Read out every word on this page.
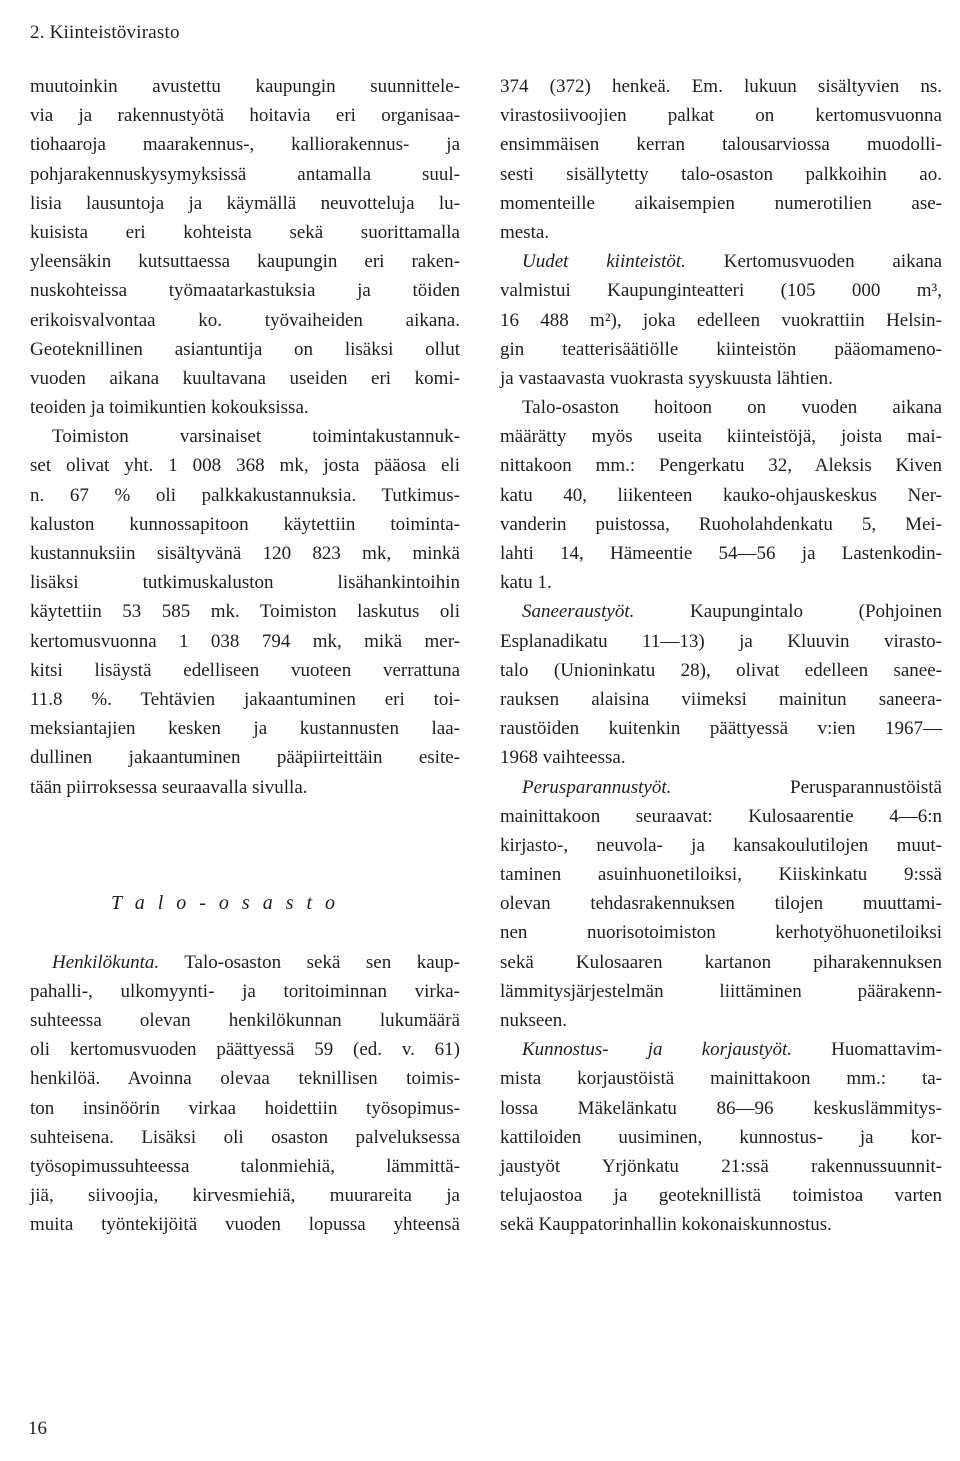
2. Kiinteistövirasto
muutoinkin avustettu kaupungin suunnittele-
via ja rakennustyötä hoitavia eri organisaa-
tiohaaroja maarakennus-, kalliorakennus- ja
pohjarakennuskysymyksissä antamalla suul-
lisia lausuntoja ja käymällä neuvotteluja lu-
kuisista eri kohteista sekä suorittamalla
yleensäkin kutsuttaessa kaupungin eri raken-
nuskohteissa työmaatarkastuksia ja töiden
erikoisvalvontaa ko. työvaiheiden aikana.
Geoteknillinen asiantuntija on lisäksi ollut
vuoden aikana kuultavana useiden eri komi-
teoiden ja toimikuntien kokouksissa.
Toimiston varsinaiset toimintakustannuk-
set olivat yht. 1 008 368 mk, josta pääosa eli
n. 67 % oli palkkakustannuksia. Tutkimus-
kaluston kunnossapitoon käytettiin toiminta-
kustannuksiin sisältyvänä 120 823 mk, minkä
lisäksi tutkimuskaluston lisähankintoihin
käytettiin 53 585 mk. Toimiston laskutus oli
kertomusvuonna 1 038 794 mk, mikä mer-
kitsi lisäystä edelliseen vuoteen verrattuna
11.8 %. Tehtävien jakaantuminen eri toi-
meksiantajien kesken ja kustannusten laa-
dullinen jakaantuminen pääpiirteittäin esite-
tään piirroksessa seuraavalla sivulla.
T a l o - o s a s t o
Henkilökunta. Talo-osaston sekä sen kaup-
pahalli-, ulkomyynti- ja toritoiminnan virka-
suhteessa olevan henkilökunnan lukumäärä
oli kertomusvuoden päättyessä 59 (ed. v. 61)
henkilöä. Avoinna olevaa teknillisen toimis-
ton insinöörin virkaa hoidettiin työsopimus-
suhteisena. Lisäksi oli osaston palveluksessa
työsopimussuhteessa talonmiehiä, lämmittä-
jiä, siivoojia, kirvesmiehiä, muurareita ja
muita työntekijöitä vuoden lopussa yhteensä
374 (372) henkeä. Em. lukuun sisältyvien ns.
virastosiivoojien palkat on kertomusvuonna
ensimmäisen kerran talousarviossa muodolli-
sesti sisällytetty talo-osaston palkkoihin ao.
momenteille aikaisempien numerotilien ase-
mesta.
Uudet kiinteistöt. Kertomusvuoden aikana
valmistui Kaupunginteatteri (105 000 m³,
16 488 m²), joka edelleen vuokrattiin Helsin-
gin teatterisäätiölle kiinteistön pääomameno-
ja vastaavasta vuokrasta syyskuusta lähtien.
Talo-osaston hoitoon on vuoden aikana
määrätty myös useita kiinteistöjä, joista mai-
nittakoon mm.: Pengerkatu 32, Aleksis Kiven
katu 40, liikenteen kauko-ohjauskeskus Ner-
vanderin puistossa, Ruoholahdenkatu 5, Mei-
lahti 14, Hämeentie 54—56 ja Lastenkodin-
katu 1.
Saneeraustyöt. Kaupungintalo (Pohjoinen
Esplanadikatu 11—13) ja Kluuvin virasto-
talo (Unioninkatu 28), olivat edelleen sanee-
rauksen alaisina viimeksi mainitun saneera-
raustöiden kuitenkin päättyessä v:ien 1967—
1968 vaihteessa.
Perusparannustyöt. Perusparannustöistä
mainittakoon seuraavat: Kulosaarentie 4—6:n
kirjasto-, neuvola- ja kansakoulutilojen muut-
taminen asuinhuonetiloiksi, Kiiskinkatu 9:ssä
olevan tehdasrakennuksen tilojen muuttami-
nen nuorisotoimiston kerhotyöhuonetiloiksi
sekä Kulosaaren kartanon piharakennuksen
lämmitysjärjestelmän liittäminen päärakenn-
nukseen.
Kunnostus- ja korjaustyöt. Huomattavim-
mista korjaustöistä mainittakoon mm.: ta-
lossa Mäkelänkatu 86—96 keskuslämmitys-
kattiloiden uusiminen, kunnostus- ja kor-
jaustyöt Yrjönkatu 21:ssä rakennussuunnit-
telujaostoa ja geoteknillistä toimistoa varten
sekä Kauppatorinhallin kokonaiskunnostus.
16
